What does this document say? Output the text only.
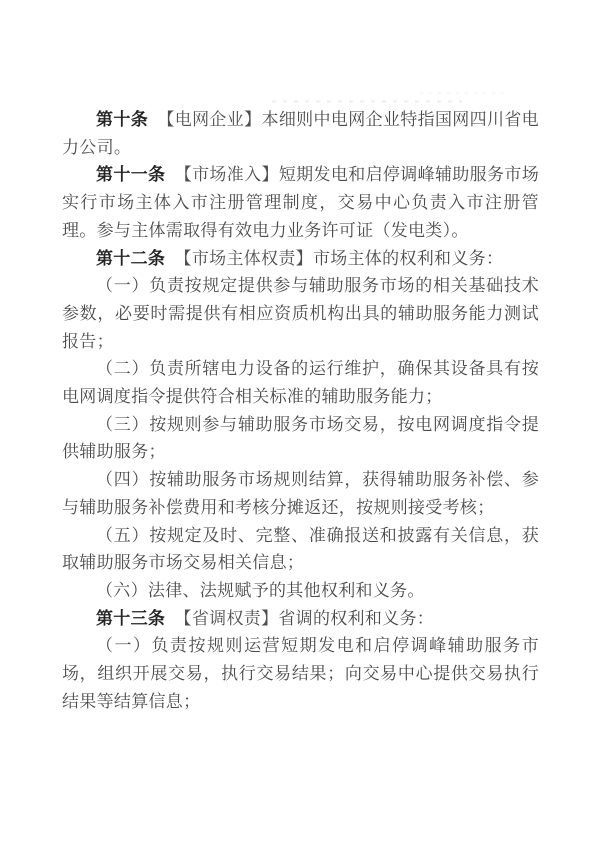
第十条 【电网企业】本细则中电网企业特指国网四川省电力公司。

第十一条 【市场准入】短期发电和启停调峰辅助服务市场实行市场主体入市注册管理制度，交易中心负责入市注册管理。参与主体需取得有效电力业务许可证（发电类）。

第十二条 【市场主体权责】市场主体的权利和义务：

（一）负责按规定提供参与辅助服务市场的相关基础技术参数，必要时需提供有相应资质机构出具的辅助服务能力测试报告；

（二）负责所辖电力设备的运行维护，确保其设备具有按电网调度指令提供符合相关标准的辅助服务能力；

（三）按规则参与辅助服务市场交易，按电网调度指令提供辅助服务；

（四）按辅助服务市场规则结算，获得辅助服务补偿、参与辅助服务补偿费用和考核分摊返还，按规则接受考核；

（五）按规定及时、完整、准确报送和披露有关信息，获取辅助服务市场交易相关信息；

（六）法律、法规赋予的其他权利和义务。

第十三条 【省调权责】省调的权利和义务：

（一）负责按规则运营短期发电和启停调峰辅助服务市场，组织开展交易，执行交易结果；向交易中心提供交易执行结果等结算信息；
